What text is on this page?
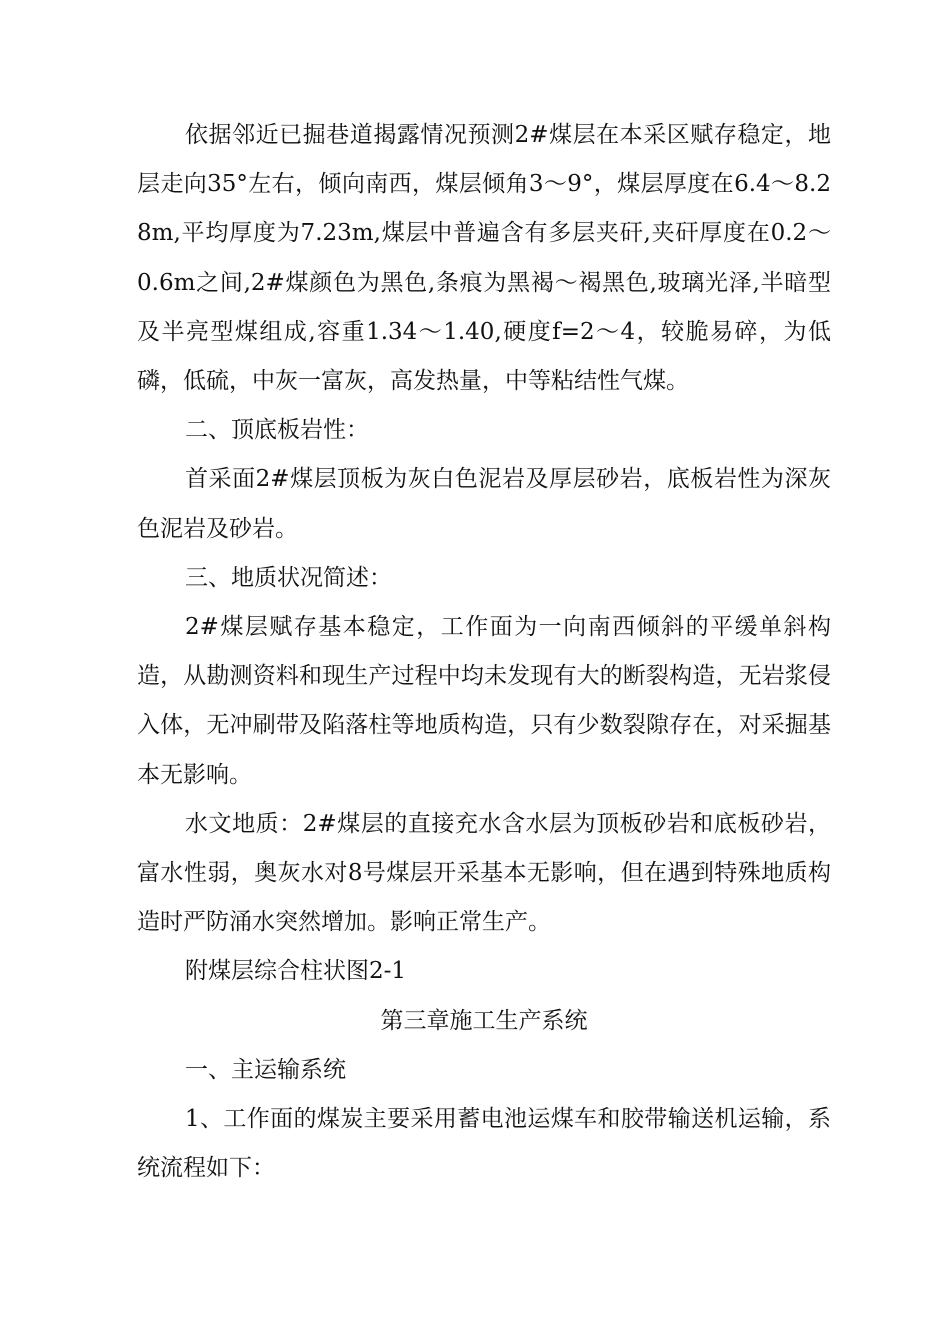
依据邻近已掘巷道揭露情况预测2#煤层在本采区赋存稳定，地层走向35°左右，倾向南西，煤层倾角3～9°，煤层厚度在6.4～8.28m,平均厚度为7.23m,煤层中普遍含有多层夹矸,夹矸厚度在0.2～0.6m之间,2#煤颜色为黑色,条痕为黑褐～褐黑色,玻璃光泽,半暗型及半亮型煤组成,容重1.34～1.40,硬度f=2～4，较脆易碎，为低磷，低硫，中灰一富灰，高发热量，中等粘结性气煤。

二、顶底板岩性：

首采面2#煤层顶板为灰白色泥岩及厚层砂岩，底板岩性为深灰色泥岩及砂岩。

三、地质状况简述：

2#煤层赋存基本稳定，工作面为一向南西倾斜的平缓单斜构造，从勘测资料和现生产过程中均未发现有大的断裂构造，无岩浆侵入体，无冲刷带及陷落柱等地质构造，只有少数裂隙存在，对采掘基本无影响。

水文地质：2#煤层的直接充水含水层为顶板砂岩和底板砂岩，富水性弱，奥灰水对8号煤层开采基本无影响，但在遇到特殊地质构造时严防涌水突然增加。影响正常生产。

附煤层综合柱状图2-1

第三章施工生产系统

一、主运输系统

1、工作面的煤炭主要采用蓄电池运煤车和胶带输送机运输，系统流程如下：
